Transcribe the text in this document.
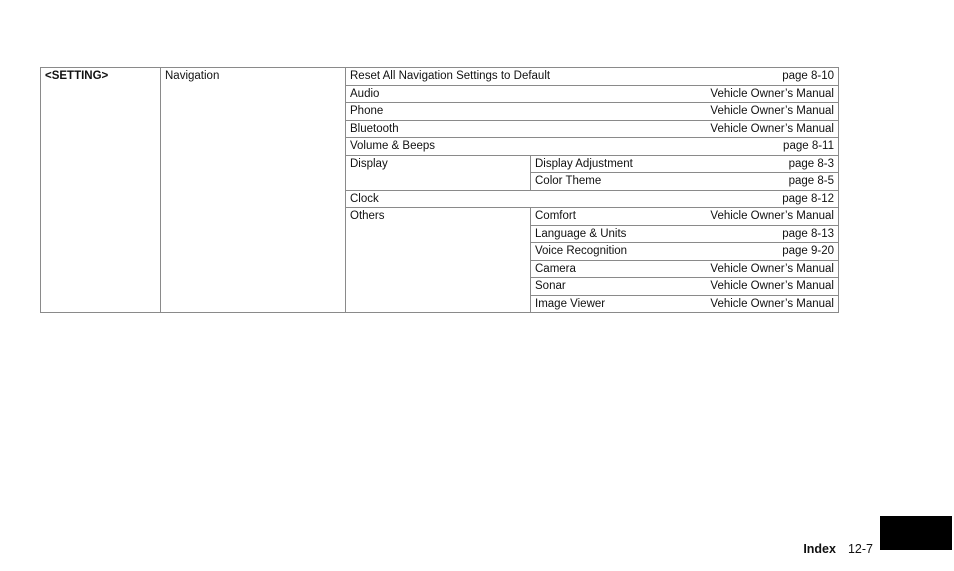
<SETTING>	Navigation	Reset All Navigation Settings to Default page 8-10	

		Audio Vehicle Owner’s Manual	

		Phone Vehicle Owner’s Manual	

		Bluetooth Vehicle Owner’s Manual	

		Volume & Beeps page 8-11	

		Display	Display Adjustment page 8-3

			Color Theme page 8-5

		Clock page 8-12	

		Others	Comfort Vehicle Owner’s Manual

			Language & Units page 8-13

			Voice Recognition page 9-20

			Camera Vehicle Owner’s Manual

			Sonar Vehicle Owner’s Manual

			Image Viewer Vehicle Owner’s Manual
Index 12-7
